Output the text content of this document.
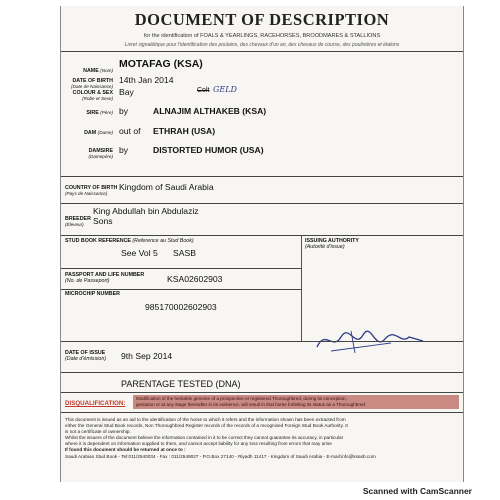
DOCUMENT OF DESCRIPTION
for the identification of FOALS & YEARLINGS, RACEHORSES, BROODMARES & STALLIONS
Livret signalétique pour l'identification des poulains, des chevaux d'un an, des chevaux de course, des poulinières et étalons
NAME (Nom)
MOTAFAG (KSA)
DATE OF BIRTH
(Date de Naissance)
14th Jan 2014
COLOUR & SEX
(Robe et Sexe)
Bay	Colt GELD
SIRE (Père) by	ALNAJIM ALTHAKEB (KSA)
DAM (Dame) out of ETHRAH (USA)
DAMSIRE
(Damepère)
by	DISTORTED HUMOR (USA)
COUNTRY OF BIRTH
(Pays de Naissance)
Kingdom of Saudi Arabia
BREEDER
(Éleveur)
King Abdullah bin Abdulaziz
Sons
STUD BOOK REFERENCE (Reference au Stud Book)
See Vol 5 SASB
ISSUING AUTHORITY
(Autorité d'issue)
PASSPORT AND LIFE NUMBER
(No. de Passeport)	KSA02602903
MICROCHIP NUMBER
985170002602903
DATE OF ISSUE
(Date d'émission) 9th Sep 2014
PARENTAGE TESTED (DNA)
DISQUALIFICATION:
Modification of the heritable genome of a prospective or registered Thoroughbred, during its conception,
gestation or at any stage thereafter in its existence, will result in that horse forfeiting its status as a Thoroughbred
This document is issued as an aid to the identification of the horse to which it refers and the information shown has been extracted from
either the General Stud Book records, Non Thoroughbred Register records of the records of a recognised Foreign Stud Book Authority. It
is not a certificate of ownership.
Whilst the issuers of the document believe the information contained in it to be correct they cannot guarantee its accuracy, in particular
where it is dependent on information supplied to them, and cannot accept liability for any loss resulting from errors that may arise
If found this document should be returned at once to :
Saudi Arabian Stud Book - Tel:011/2540034 - Fax : 011/2549027 - P.O.Box 27140 - Riyadh 11417 - Kingdom of Saudi Arabia - E-mail:info@ksasb.com
Scanned with CamScanner
